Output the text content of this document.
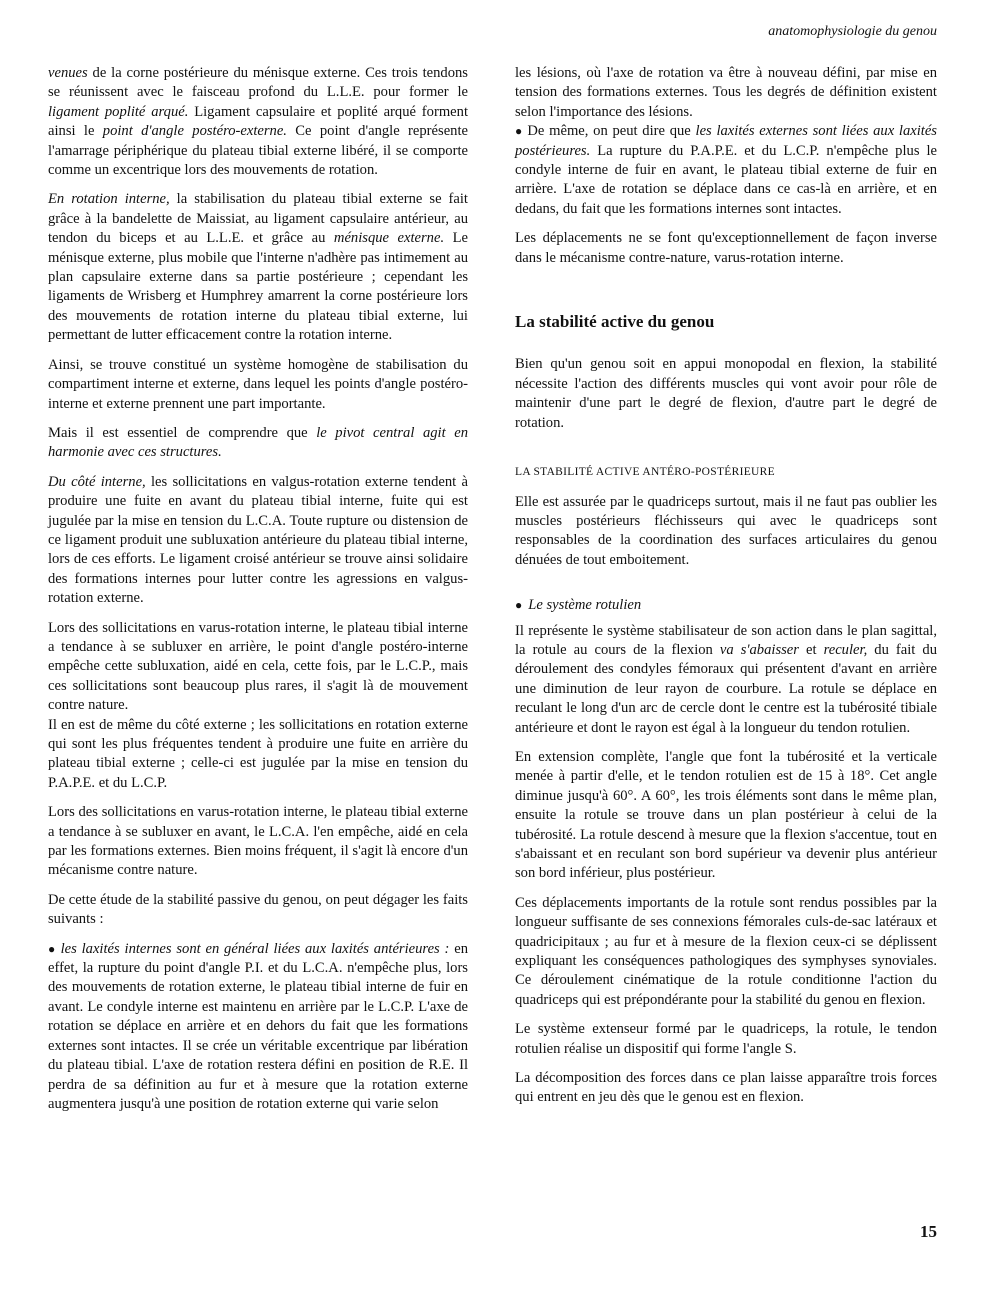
anatomophysiologie du genou

venues de la corne postérieure du ménisque externe. Ces trois tendons se réunissent avec le faisceau profond du L.L.E. pour former le ligament poplité arqué. Ligament capsulaire et poplité arqué forment ainsi le point d'angle postéro-externe. Ce point d'angle représente l'amarrage périphérique du plateau tibial externe libéré, il se comporte comme un excentrique lors des mouvements de rotation.

En rotation interne, la stabilisation du plateau tibial externe se fait grâce à la bandelette de Maissiat, au ligament capsulaire antérieur, au tendon du biceps et au L.L.E. et grâce au ménisque externe. Le ménisque externe, plus mobile que l'interne n'adhère pas intimement au plan capsulaire externe dans sa partie postérieure ; cependant les ligaments de Wrisberg et Humphrey amarrent la corne postérieure lors des mouvements de rotation interne du plateau tibial externe, lui permettant de lutter efficacement contre la rotation interne.

Ainsi, se trouve constitué un système homogène de stabilisation du compartiment interne et externe, dans lequel les points d'angle postéro-interne et externe prennent une part importante.

Mais il est essentiel de comprendre que le pivot central agit en harmonie avec ces structures.

Du côté interne, les sollicitations en valgus-rotation externe tendent à produire une fuite en avant du plateau tibial interne, fuite qui est jugulée par la mise en tension du L.C.A. Toute rupture ou distension de ce ligament produit une subluxation antérieure du plateau tibial interne, lors de ces efforts. Le ligament croisé antérieur se trouve ainsi solidaire des formations internes pour lutter contre les agressions en valgus-rotation externe.

Lors des sollicitations en varus-rotation interne, le plateau tibial interne a tendance à se subluxer en arrière, le point d'angle postéro-interne empêche cette subluxation, aidé en cela, cette fois, par le L.C.P., mais ces sollicitations sont beaucoup plus rares, il s'agit là de mouvement contre nature.

Il en est de même du côté externe ; les sollicitations en rotation externe qui sont les plus fréquentes tendent à produire une fuite en arrière du plateau tibial externe ; celle-ci est jugulée par la mise en tension du P.A.P.E. et du L.C.P.

Lors des sollicitations en varus-rotation interne, le plateau tibial externe a tendance à se subluxer en avant, le L.C.A. l'en empêche, aidé en cela par les formations externes. Bien moins fréquent, il s'agit là encore d'un mécanisme contre nature.

De cette étude de la stabilité passive du genou, on peut dégager les faits suivants :

● les laxités internes sont en général liées aux laxités antérieures : en effet, la rupture du point d'angle P.I. et du L.C.A. n'empêche plus, lors des mouvements de rotation externe, le plateau tibial interne de fuir en avant. Le condyle interne est maintenu en arrière par le L.C.P. L'axe de rotation se déplace en arrière et en dehors du fait que les formations externes sont intactes. Il se crée un véritable excentrique par libération du plateau tibial. L'axe de rotation restera défini en position de R.E. Il perdra de sa définition au fur et à mesure que la rotation externe augmentera jusqu'à une position de rotation externe qui varie selon

les lésions, où l'axe de rotation va être à nouveau défini, par mise en tension des formations externes. Tous les degrés de définition existent selon l'importance des lésions.

● De même, on peut dire que les laxités externes sont liées aux laxités postérieures. La rupture du P.A.P.E. et du L.C.P. n'empêche plus le condyle interne de fuir en avant, le plateau tibial externe de fuir en arrière. L'axe de rotation se déplace dans ce cas-là en arrière, et en dedans, du fait que les formations internes sont intactes.

Les déplacements ne se font qu'exceptionnellement de façon inverse dans le mécanisme contre-nature, varus-rotation interne.

La stabilité active du genou

Bien qu'un genou soit en appui monopodal en flexion, la stabilité nécessite l'action des différents muscles qui vont avoir pour rôle de maintenir d'une part le degré de flexion, d'autre part le degré de rotation.

LA STABILITÉ ACTIVE ANTÉRO-POSTÉRIEURE

Elle est assurée par le quadriceps surtout, mais il ne faut pas oublier les muscles postérieurs fléchisseurs qui avec le quadriceps sont responsables de la coordination des surfaces articulaires du genou dénuées de tout emboitement.

● Le système rotulien

Il représente le système stabilisateur de son action dans le plan sagittal, la rotule au cours de la flexion va s'abaisser et reculer, du fait du déroulement des condyles fémoraux qui présentent d'avant en arrière une diminution de leur rayon de courbure. La rotule se déplace en reculant le long d'un arc de cercle dont le centre est la tubérosité tibiale antérieure et dont le rayon est égal à la longueur du tendon rotulien.

En extension complète, l'angle que font la tubérosité et la verticale menée à partir d'elle, et le tendon rotulien est de 15 à 18°. Cet angle diminue jusqu'à 60°. A 60°, les trois éléments sont dans le même plan, ensuite la rotule se trouve dans un plan postérieur à celui de la tubérosité. La rotule descend à mesure que la flexion s'accentue, tout en s'abaissant et en reculant son bord supérieur va devenir plus antérieur son bord inférieur, plus postérieur.

Ces déplacements importants de la rotule sont rendus possibles par la longueur suffisante de ses connexions fémorales culs-de-sac latéraux et quadricipitaux ; au fur et à mesure de la flexion ceux-ci se déplissent expliquant les conséquences pathologiques des symphyses synoviales. Ce déroulement cinématique de la rotule conditionne l'action du quadriceps qui est prépondérante pour la stabilité du genou en flexion.

Le système extenseur formé par le quadriceps, la rotule, le tendon rotulien réalise un dispositif qui forme l'angle S.

La décomposition des forces dans ce plan laisse apparaître trois forces qui entrent en jeu dès que le genou est en flexion.

15
